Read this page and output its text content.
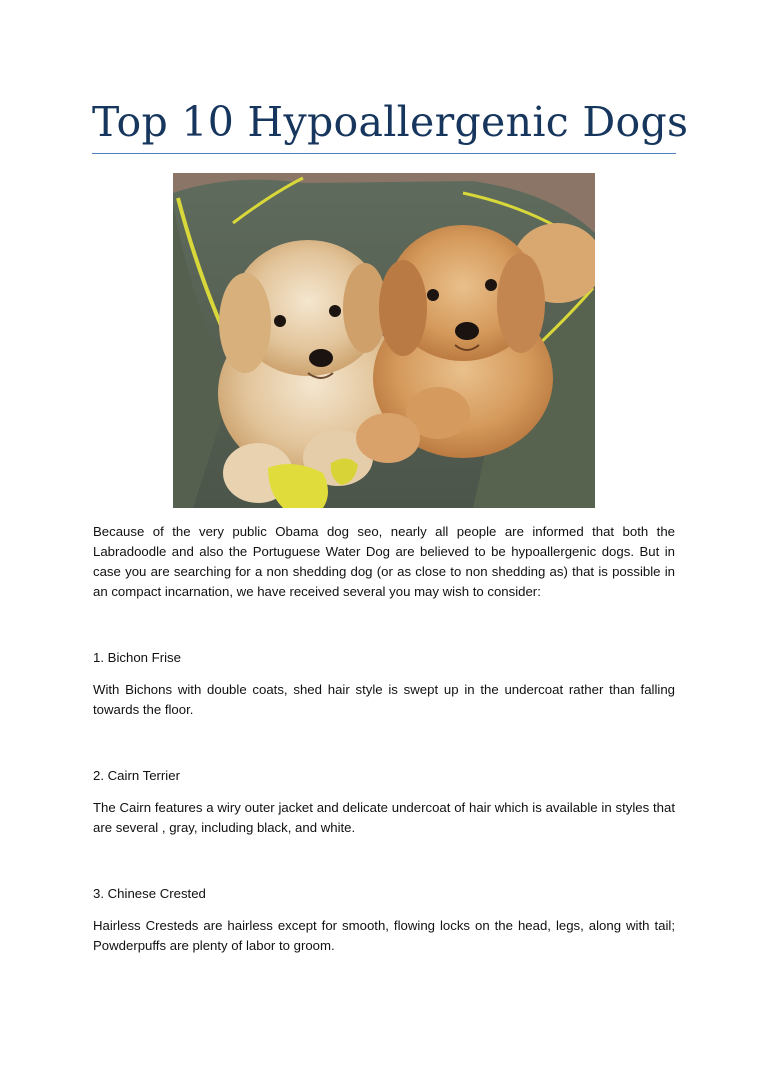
Top 10 Hypoallergenic Dogs

Because of the very public Obama dog seo, nearly all people are informed that both the Labradoodle and also the Portuguese Water Dog are believed to be hypoallergenic dogs. But in case you are searching for a non shedding dog (or as close to non shedding as) that is possible in an compact incarnation, we have received several you may wish to consider:

1. Bichon Frise

With Bichons with double coats, shed hair style is swept up in the undercoat rather than falling towards the floor.

2. Cairn Terrier

The Cairn features a wiry outer jacket and delicate undercoat of hair which is available in styles that are several , gray, including black, and white.

3. Chinese Crested

Hairless Cresteds are hairless except for smooth, flowing locks on the head, legs, along with tail; Powderpuffs are plenty of labor to groom.
